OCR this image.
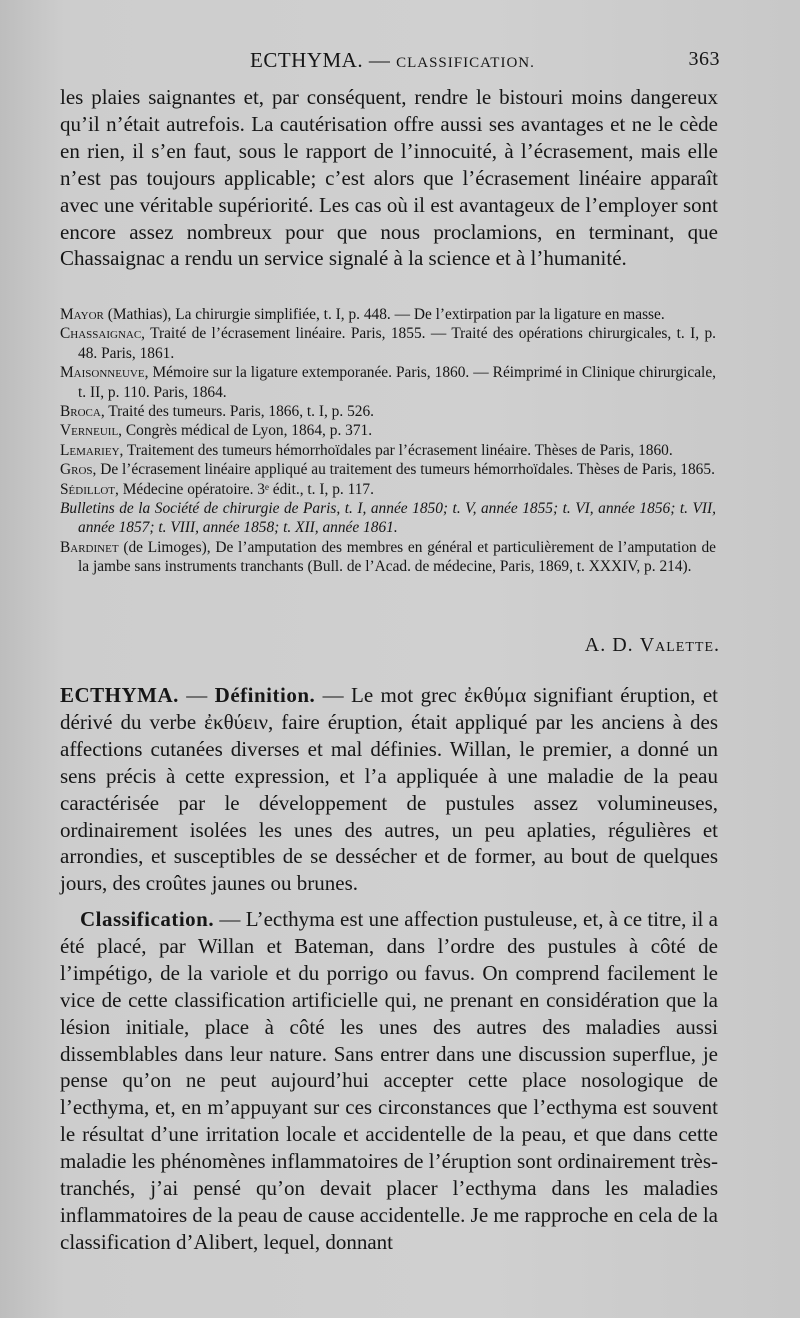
ECTHYMA. — CLASSIFICATION.	363
les plaies saignantes et, par conséquent, rendre le bistouri moins dangereux qu’il n’était autrefois. La cautérisation offre aussi ses avantages et ne le cède en rien, il s’en faut, sous le rapport de l’innocuité, à l’écrasement, mais elle n’est pas toujours applicable; c’est alors que l’écrasement linéaire apparaît avec une véritable supériorité. Les cas où il est avantageux de l’employer sont encore assez nombreux pour que nous proclamions, en terminant, que Chassaignac a rendu un service signalé à la science et à l’humanité.
Mayor (Mathias), La chirurgie simplifiée, t. I, p. 448. — De l’extirpation par la ligature en masse.
Chassaignac, Traité de l’écrasement linéaire. Paris, 1855. — Traité des opérations chirurgicales, t. I, p. 48. Paris, 1861.
Maisonneuve, Mémoire sur la ligature extemporanée. Paris, 1860. — Réimprimé in Clinique chirurgicale, t. II, p. 110. Paris, 1864.
Broca, Traité des tumeurs. Paris, 1866, t. I, p. 526.
Verneuil, Congrès médical de Lyon, 1864, p. 371.
Lemariey, Traitement des tumeurs hémorrhoïdales par l’écrasement linéaire. Thèses de Paris, 1860.
Gros, De l’écrasement linéaire appliqué au traitement des tumeurs hémorrhoïdales. Thèses de Paris, 1865.
Sédillot, Médecine opératoire. 3ᵉ édit., t. I, p. 117.
Bulletins de la Société de chirurgie de Paris, t. I, année 1850; t. V, année 1855; t. VI, année 1856; t. VII, année 1857; t. VIII, année 1858; t. XII, année 1861.
Bardinet (de Limoges), De l’amputation des membres en général et particulièrement de l’amputation de la jambe sans instruments tranchants (Bull. de l’Acad. de médecine, Paris, 1869, t. XXXIV, p. 214).
A. D. Valette.
ECTHYMA. — Définition. — Le mot grec ἐκθύμα signifiant éruption, et dérivé du verbe ἐκθύειν, faire éruption, était appliqué par les anciens à des affections cutanées diverses et mal définies. Willan, le premier, a donné un sens précis à cette expression, et l’a appliquée à une maladie de la peau caractérisée par le développement de pustules assez volumineuses, ordinairement isolées les unes des autres, un peu aplaties, régulières et arrondies, et susceptibles de se dessécher et de former, au bout de quelques jours, des croûtes jaunes ou brunes.
Classification. — L’ecthyma est une affection pustuleuse, et, à ce titre, il a été placé, par Willan et Bateman, dans l’ordre des pustules à côté de l’impétigo, de la variole et du porrigo ou favus. On comprend facilement le vice de cette classification artificielle qui, ne prenant en considération que la lésion initiale, place à côté les unes des autres des maladies aussi dissemblables dans leur nature. Sans entrer dans une discussion superflue, je pense qu’on ne peut aujourd’hui accepter cette place nosologique de l’ecthyma, et, en m’appuyant sur ces circonstances que l’ecthyma est souvent le résultat d’une irritation locale et accidentelle de la peau, et que dans cette maladie les phénomènes inflammatoires de l’éruption sont ordinairement très-tranchés, j’ai pensé qu’on devait placer l’ecthyma dans les maladies inflammatoires de la peau de cause accidentelle. Je me rapproche en cela de la classification d’Alibert, lequel, donnant
